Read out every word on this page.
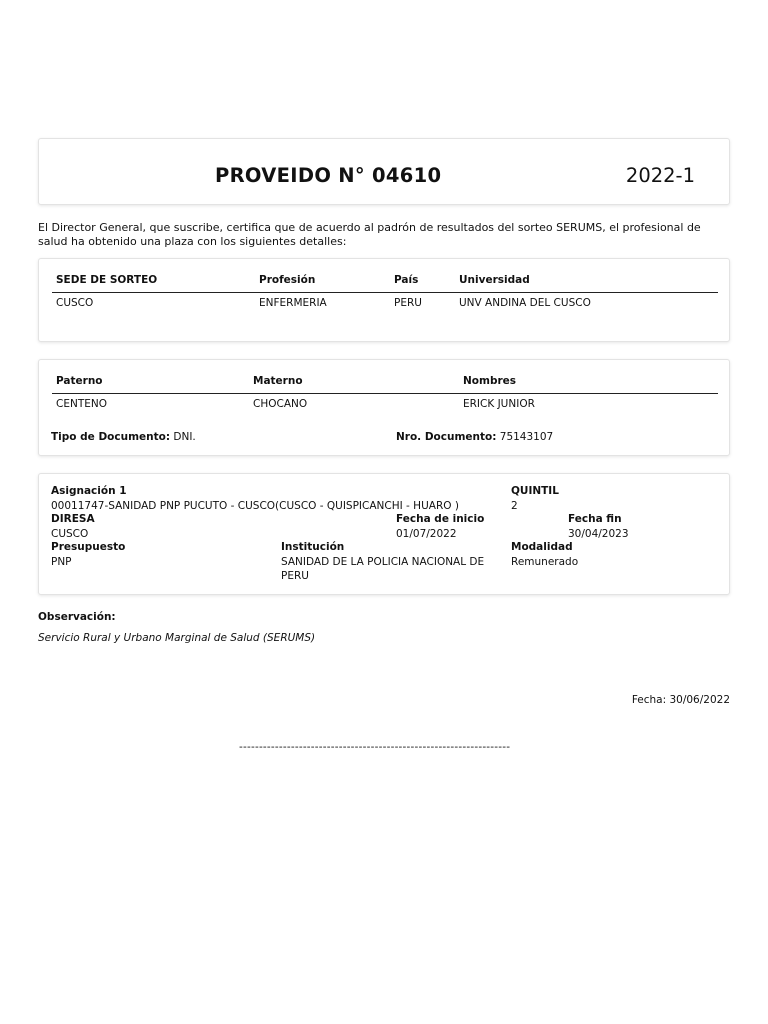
PROVEIDO N° 04610	2022-1
El Director General, que suscribe, certifica que de acuerdo al padrón de resultados del sorteo SERUMS, el profesional de salud ha obtenido una plaza con los siguientes detalles:
SEDE DE SORTEO	Profesión	País	Universidad
CUSCO	ENFERMERIA	PERU	UNV ANDINA DEL CUSCO
Paterno	Materno	Nombres
CENTENO	CHOCANO	ERICK JUNIOR
Tipo de Documento: DNI.	Nro. Documento: 75143107
Asignación 1
00011747-SANIDAD PNP PUCUTO - CUSCO(CUSCO - QUISPICANCHI - HUARO )
QUINTIL
2
DIRESA
CUSCO
Fecha de inicio
01/07/2022
Fecha fin
30/04/2023
Presupuesto
PNP
Institución
SANIDAD DE LA POLICIA NACIONAL DE PERU
Modalidad
Remunerado
Observación:
Servicio Rural y Urbano Marginal de Salud (SERUMS)
Fecha: 30/06/2022
--------------------------------------------------------------------
